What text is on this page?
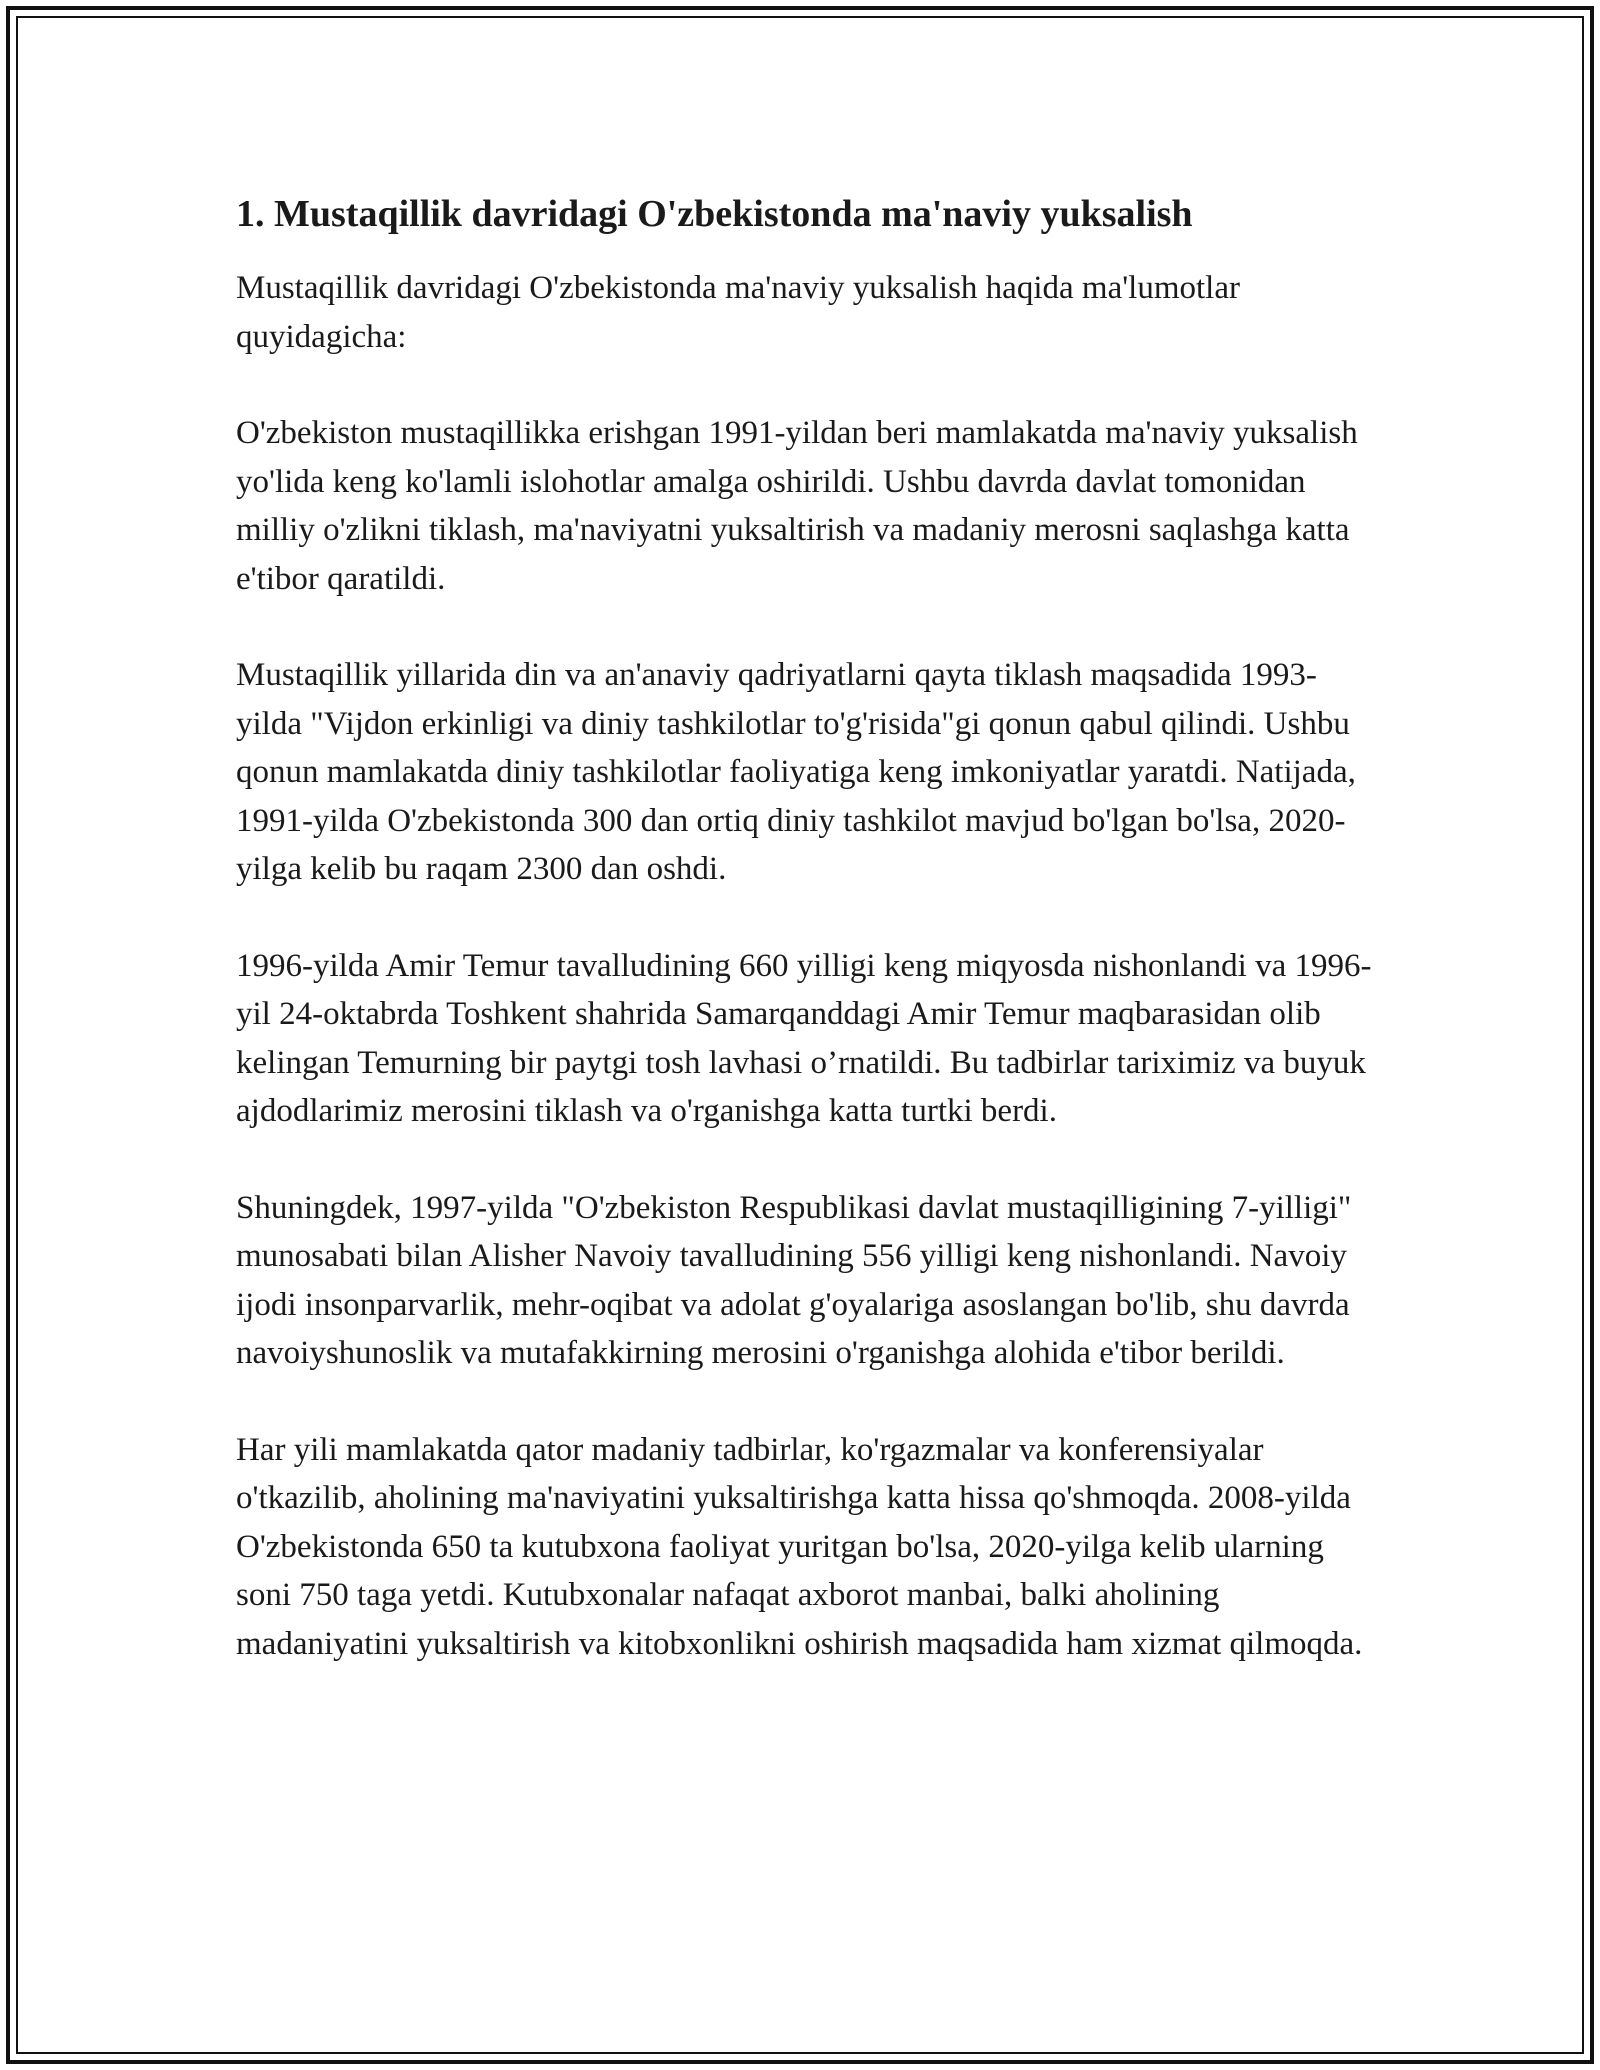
1. Mustaqillik davridagi O'zbekistonda ma'naviy yuksalish

Mustaqillik davridagi O'zbekistonda ma'naviy yuksalish haqida ma'lumotlar quyidagicha:

O'zbekiston mustaqillikka erishgan 1991-yildan beri mamlakatda ma'naviy yuksalish yo'lida keng ko'lamli islohotlar amalga oshirildi. Ushbu davrda davlat tomonidan milliy o'zlikni tiklash, ma'naviyatni yuksaltirish va madaniy merosni saqlashga katta e'tibor qaratildi.

Mustaqillik yillarida din va an'anaviy qadriyatlarni qayta tiklash maqsadida 1993-yilda "Vijdon erkinligi va diniy tashkilotlar to'g'risida"gi qonun qabul qilindi. Ushbu qonun mamlakatda diniy tashkilotlar faoliyatiga keng imkoniyatlar yaratdi. Natijada, 1991-yilda O'zbekistonda 300 dan ortiq diniy tashkilot mavjud bo'lgan bo'lsa, 2020-yilga kelib bu raqam 2300 dan oshdi.

1996-yilda Amir Temur tavalludining 660 yilligi keng miqyosda nishonlandi va 1996-yil 24-oktabrda Toshkent shahrida Samarqanddagi Amir Temur maqbarasidan olib kelingan Temurning bir paytgi tosh lavhasi o’rnatildi. Bu tadbirlar tariximiz va buyuk ajdodlarimiz merosini tiklash va o'rganishga katta turtki berdi.

Shuningdek, 1997-yilda "O'zbekiston Respublikasi davlat mustaqilligining 7-yilligi" munosabati bilan Alisher Navoiy tavalludining 556 yilligi keng nishonlandi. Navoiy ijodi insonparvarlik, mehr-oqibat va adolat g'oyalariga asoslangan bo'lib, shu davrda navoiyshunoslik va mutafakkirning merosini o'rganishga alohida e'tibor berildi.

Har yili mamlakatda qator madaniy tadbirlar, ko'rgazmalar va konferensiyalar o'tkazilib, aholining ma'naviyatini yuksaltirishga katta hissa qo'shmoqda. 2008-yilda O'zbekistonda 650 ta kutubxona faoliyat yuritgan bo'lsa, 2020-yilga kelib ularning soni 750 taga yetdi. Kutubxonalar nafaqat axborot manbai, balki aholining madaniyatini yuksaltirish va kitobxonlikni oshirish maqsadida ham xizmat qilmoqda.
